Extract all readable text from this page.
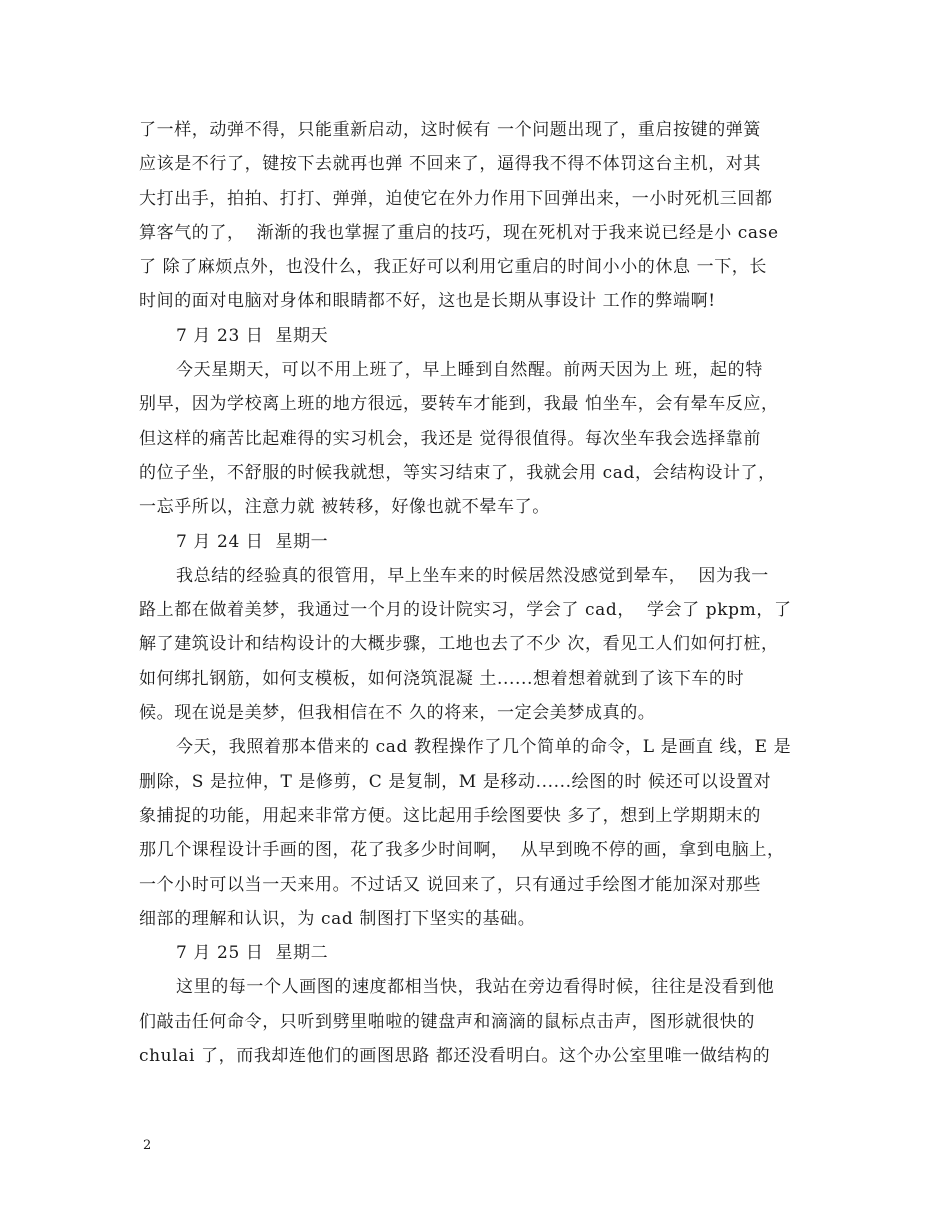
了一样，动弹不得，只能重新启动，这时候有 一个问题出现了，重启按键的弹簧
应该是不行了，键按下去就再也弹 不回来了，逼得我不得不体罚这台主机，对其
大打出手，拍拍、打打、弹弹，迫使它在外力作用下回弹出来，一小时死机三回都
算客气的了，  渐渐的我也掌握了重启的技巧，现在死机对于我来说已经是小 case
了 除了麻烦点外，也没什么，我正好可以利用它重启的时间小小的休息 一下，长
时间的面对电脑对身体和眼睛都不好，这也是长期从事设计 工作的弊端啊!
7 月 23 日  星期天
今天星期天，可以不用上班了，早上睡到自然醒。前两天因为上 班，起的特
别早，因为学校离上班的地方很远，要转车才能到，我最 怕坐车，会有晕车反应，
但这样的痛苦比起难得的实习机会，我还是 觉得很值得。每次坐车我会选择靠前
的位子坐，不舒服的时候我就想，等实习结束了，我就会用 cad，会结构设计了，
一忘乎所以，注意力就 被转移，好像也就不晕车了。
7 月 24 日  星期一
我总结的经验真的很管用，早上坐车来的时候居然没感觉到晕车，  因为我一
路上都在做着美梦，我通过一个月的设计院实习，学会了 cad，  学会了 pkpm，了
解了建筑设计和结构设计的大概步骤，工地也去了不少 次，看见工人们如何打桩，
如何绑扎钢筋，如何支模板，如何浇筑混凝 土......想着想着就到了该下车的时
候。现在说是美梦，但我相信在不 久的将来，一定会美梦成真的。
今天，我照着那本借来的 cad 教程操作了几个简单的命令，L 是画直 线，E 是
删除，S 是拉伸，T 是修剪，C 是复制，M 是移动......绘图的时 候还可以设置对
象捕捉的功能，用起来非常方便。这比起用手绘图要快 多了，想到上学期期末的
那几个课程设计手画的图，花了我多少时间啊，  从早到晚不停的画，拿到电脑上，
一个小时可以当一天来用。不过话又 说回来了，只有通过手绘图才能加深对那些
细部的理解和认识，为 cad 制图打下坚实的基础。
7 月 25 日  星期二
这里的每一个人画图的速度都相当快，我站在旁边看得时候，往往是没看到他
们敲击任何命令，只听到劈里啪啦的键盘声和滴滴的鼠标点击声，图形就很快的
chulai 了，而我却连他们的画图思路 都还没看明白。这个办公室里唯一做结构的
2
